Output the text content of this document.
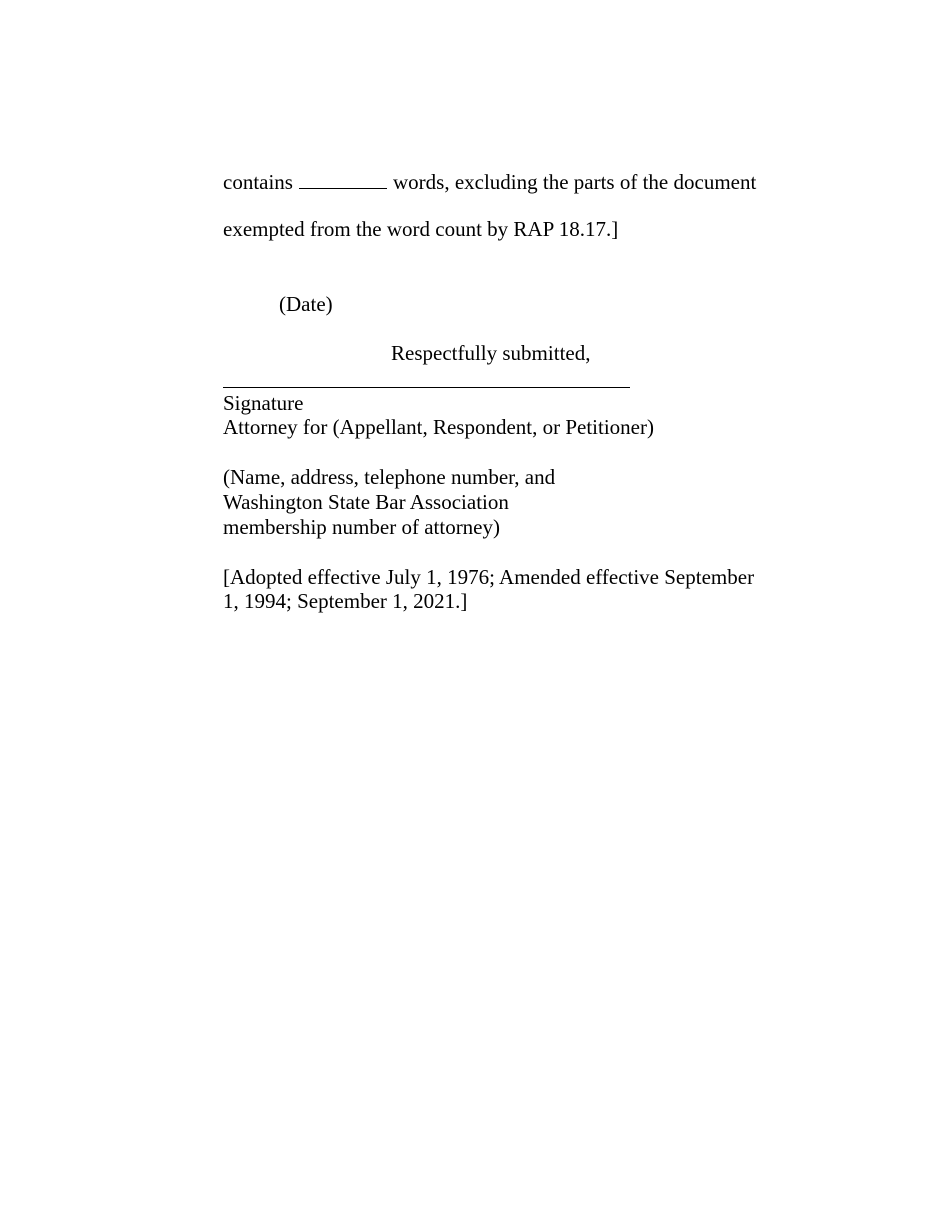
contains	words, excluding the parts of the document
exempted from the word count by RAP 18.17.]
(Date)
Respectfully submitted,
Signature
Attorney for (Appellant, Respondent, or Petitioner)
(Name, address, telephone number, and
Washington State Bar Association
membership number of attorney)
[Adopted effective July 1, 1976; Amended effective September
1, 1994; September 1, 2021.]
